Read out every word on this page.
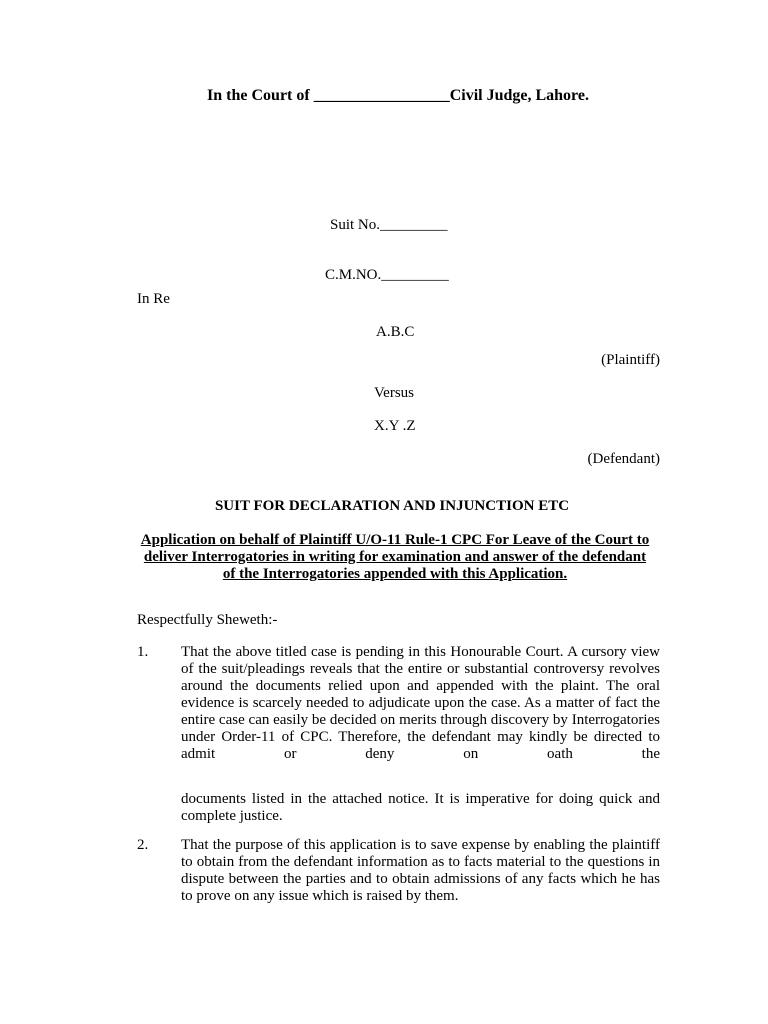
In the Court of _________________Civil Judge, Lahore.
Suit No._________
C.M.NO._________
In Re
A.B.C
(Plaintiff)
Versus
X.Y .Z
(Defendant)
SUIT FOR DECLARATION AND INJUNCTION ETC
Application on behalf of Plaintiff U/O-11 Rule-1 CPC For Leave of the Court to deliver Interrogatories in writing for examination and answer of the defendant of the Interrogatories appended with this Application.
Respectfully Sheweth:-
1. That the above titled case is pending in this Honourable Court. A cursory view of the suit/pleadings reveals that the entire or substantial controversy revolves around the documents relied upon and appended with the plaint. The oral evidence is scarcely needed to adjudicate upon the case. As a matter of fact the entire case can easily be decided on merits through discovery by Interrogatories under Order-11 of CPC. Therefore, the defendant may kindly be directed to admit or deny on oath the
documents listed in the attached notice. It is imperative for doing quick and complete justice.
2. That the purpose of this application is to save expense by enabling the plaintiff to obtain from the defendant information as to facts material to the questions in dispute between the parties and to obtain admissions of any facts which he has to prove on any issue which is raised by them.
